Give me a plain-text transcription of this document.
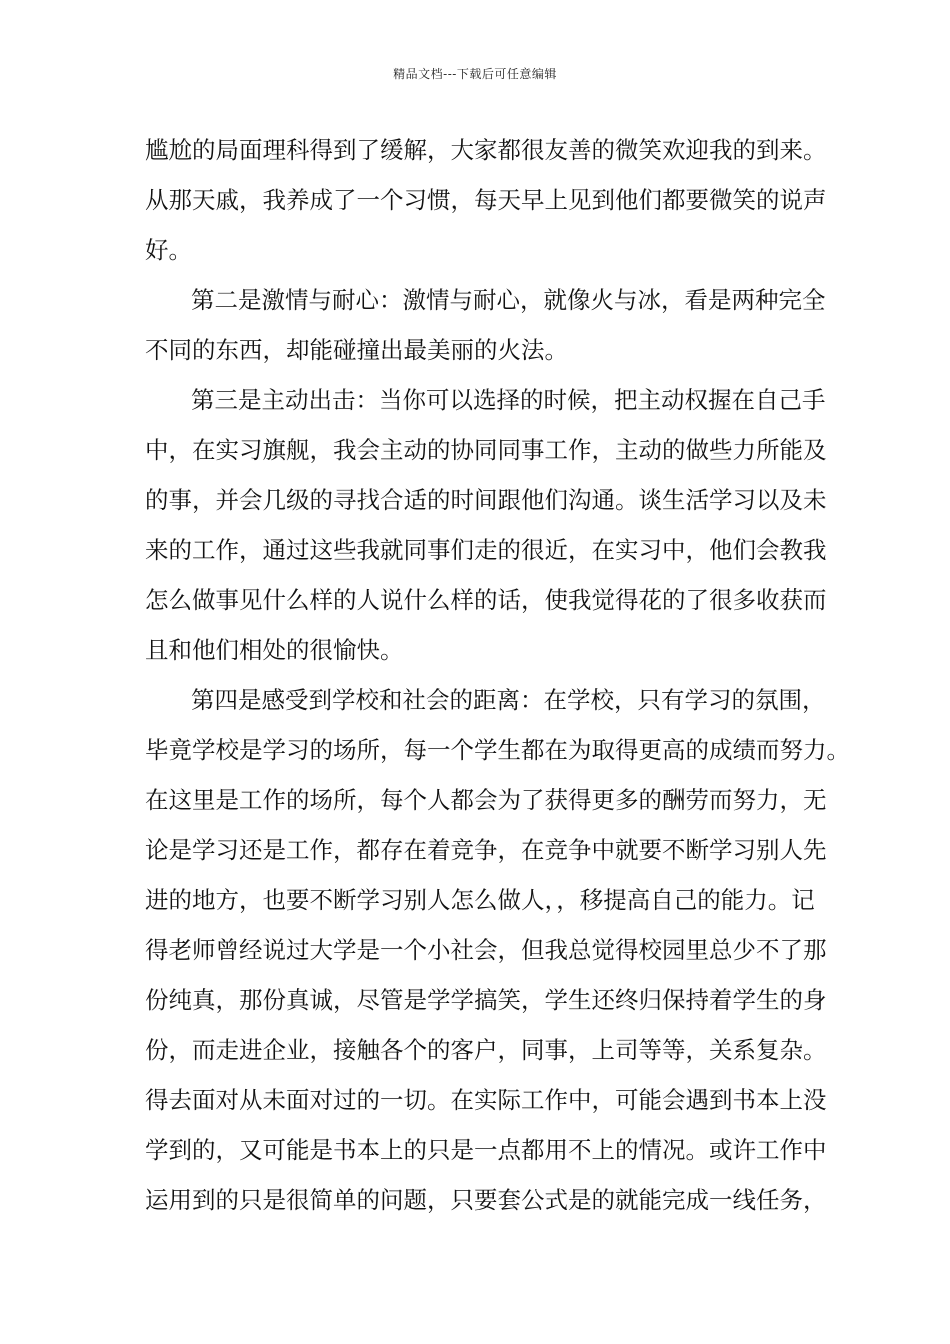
精品文档---下载后可任意编辑
尴尬的局面理科得到了缓解，大家都很友善的微笑欢迎我的到来。
从那天戚，我养成了一个习惯，每天早上见到他们都要微笑的说声
好。
第二是激情与耐心：激情与耐心，就像火与冰，看是两种完全
不同的东西，却能碰撞出最美丽的火法。
第三是主动出击：当你可以选择的时候，把主动权握在自己手
中，在实习旗舰，我会主动的协同同事工作，主动的做些力所能及
的事，并会几级的寻找合适的时间跟他们沟通。谈生活学习以及未
来的工作，通过这些我就同事们走的很近，在实习中，他们会教我
怎么做事见什么样的人说什么样的话，使我觉得花的了很多收获而
且和他们相处的很愉快。
第四是感受到学校和社会的距离：在学校，只有学习的氛围，
毕竟学校是学习的场所，每一个学生都在为取得更高的成绩而努力。
在这里是工作的场所，每个人都会为了获得更多的酬劳而努力，无
论是学习还是工作，都存在着竞争，在竞争中就要不断学习别人先
进的地方，也要不断学习别人怎么做人，，移提高自己的能力。记
得老师曾经说过大学是一个小社会，但我总觉得校园里总少不了那
份纯真，那份真诚，尽管是学学搞笑，学生还终归保持着学生的身
份，而走进企业，接触各个的客户，同事，上司等等，关系复杂。
得去面对从未面对过的一切。在实际工作中，可能会遇到书本上没
学到的，又可能是书本上的只是一点都用不上的情况。或许工作中
运用到的只是很简单的问题，只要套公式是的就能完成一线任务，
